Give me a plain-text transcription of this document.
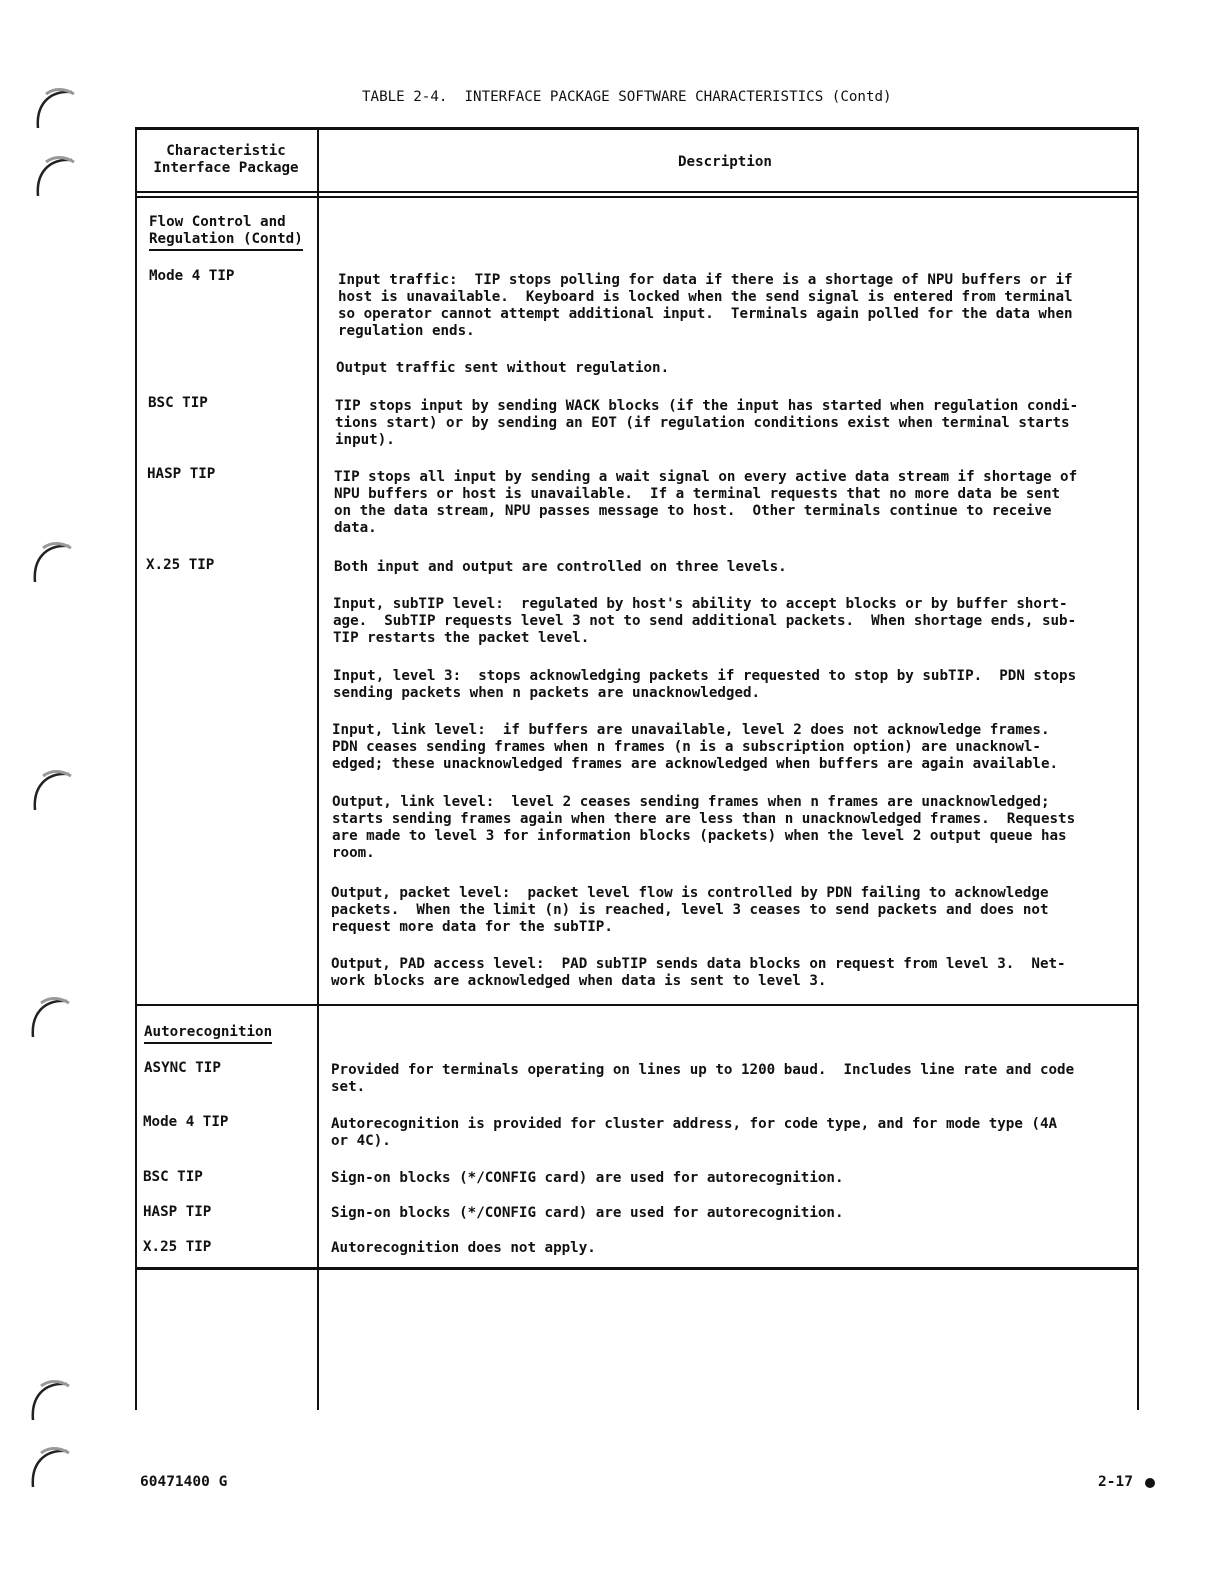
TABLE 2-4.  INTERFACE PACKAGE SOFTWARE CHARACTERISTICS (Contd)
Characteristic
Interface Package	Description
Flow Control and
Regulation (Contd)
Mode 4 TIP	Input traffic:  TIP stops polling for data if there is a shortage of NPU buffers or if
host is unavailable.  Keyboard is locked when the send signal is entered from terminal
so operator cannot attempt additional input.  Terminals again polled for the data when
regulation ends.
Output traffic sent without regulation.
BSC TIP	TIP stops input by sending WACK blocks (if the input has started when regulation condi-
tions start) or by sending an EOT (if regulation conditions exist when terminal starts
input).
HASP TIP	TIP stops all input by sending a wait signal on every active data stream if shortage of
NPU buffers or host is unavailable.  If a terminal requests that no more data be sent
on the data stream, NPU passes message to host.  Other terminals continue to receive
data.
X.25 TIP	Both input and output are controlled on three levels.
Input, subTIP level:  regulated by host's ability to accept blocks or by buffer short-
age.  SubTIP requests level 3 not to send additional packets.  When shortage ends, sub-
TIP restarts the packet level.
Input, level 3:  stops acknowledging packets if requested to stop by subTIP.  PDN stops
sending packets when n packets are unacknowledged.
Input, link level:  if buffers are unavailable, level 2 does not acknowledge frames.
PDN ceases sending frames when n frames (n is a subscription option) are unacknowl-
edged; these unacknowledged frames are acknowledged when buffers are again available.
Output, link level:  level 2 ceases sending frames when n frames are unacknowledged;
starts sending frames again when there are less than n unacknowledged frames.  Requests
are made to level 3 for information blocks (packets) when the level 2 output queue has
room.
Output, packet level:  packet level flow is controlled by PDN failing to acknowledge
packets.  When the limit (n) is reached, level 3 ceases to send packets and does not
request more data for the subTIP.
Output, PAD access level:  PAD subTIP sends data blocks on request from level 3.  Net-
work blocks are acknowledged when data is sent to level 3.
Autorecognition
ASYNC TIP	Provided for terminals operating on lines up to 1200 baud.  Includes line rate and code
set.
Mode 4 TIP	Autorecognition is provided for cluster address, for code type, and for mode type (4A
or 4C).
BSC TIP	Sign-on blocks (*/CONFIG card) are used for autorecognition.
HASP TIP	Sign-on blocks (*/CONFIG card) are used for autorecognition.
X.25 TIP	Autorecognition does not apply.
60471400 G	2-17
